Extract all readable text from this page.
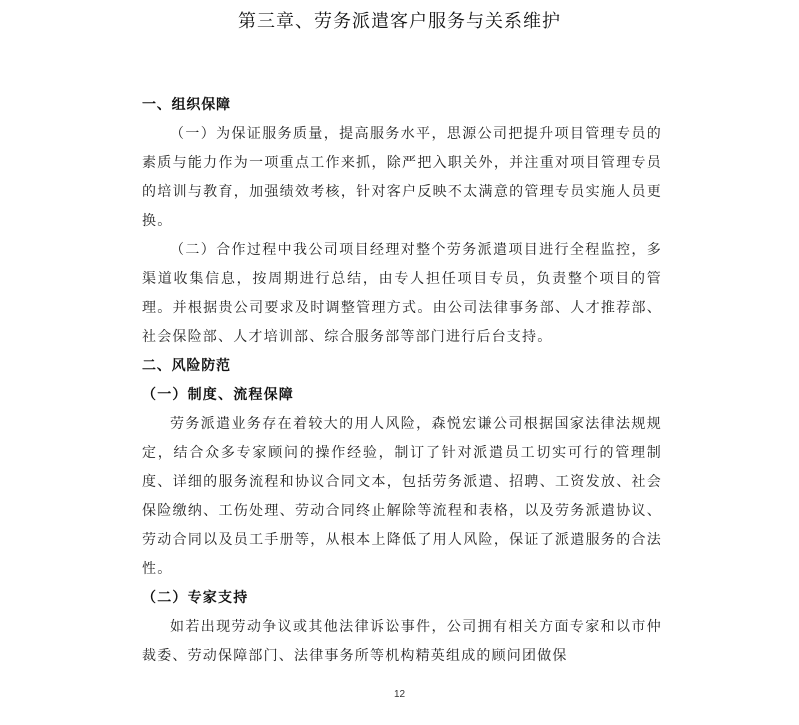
第三章、劳务派遣客户服务与关系维护

一、组织保障

（一）为保证服务质量，提高服务水平，思源公司把提升项目管理专员的素质与能力作为一项重点工作来抓，除严把入职关外，并注重对项目管理专员的培训与教育，加强绩效考核，针对客户反映不太满意的管理专员实施人员更换。

（二）合作过程中我公司项目经理对整个劳务派遣项目进行全程监控，多渠道收集信息，按周期进行总结，由专人担任项目专员，负责整个项目的管理。并根据贵公司要求及时调整管理方式。由公司法律事务部、人才推荐部、社会保险部、人才培训部、综合服务部等部门进行后台支持。

二、风险防范

（一）制度、流程保障

劳务派遣业务存在着较大的用人风险，森悦宏谦公司根据国家法律法规规定，结合众多专家顾问的操作经验，制订了针对派遣员工切实可行的管理制度、详细的服务流程和协议合同文本，包括劳务派遣、招聘、工资发放、社会保险缴纳、工伤处理、劳动合同终止解除等流程和表格，以及劳务派遣协议、劳动合同以及员工手册等，从根本上降低了用人风险，保证了派遣服务的合法性。

（二）专家支持

如若出现劳动争议或其他法律诉讼事件，公司拥有相关方面专家和以市仲裁委、劳动保障部门、法律事务所等机构精英组成的顾问团做保

12
